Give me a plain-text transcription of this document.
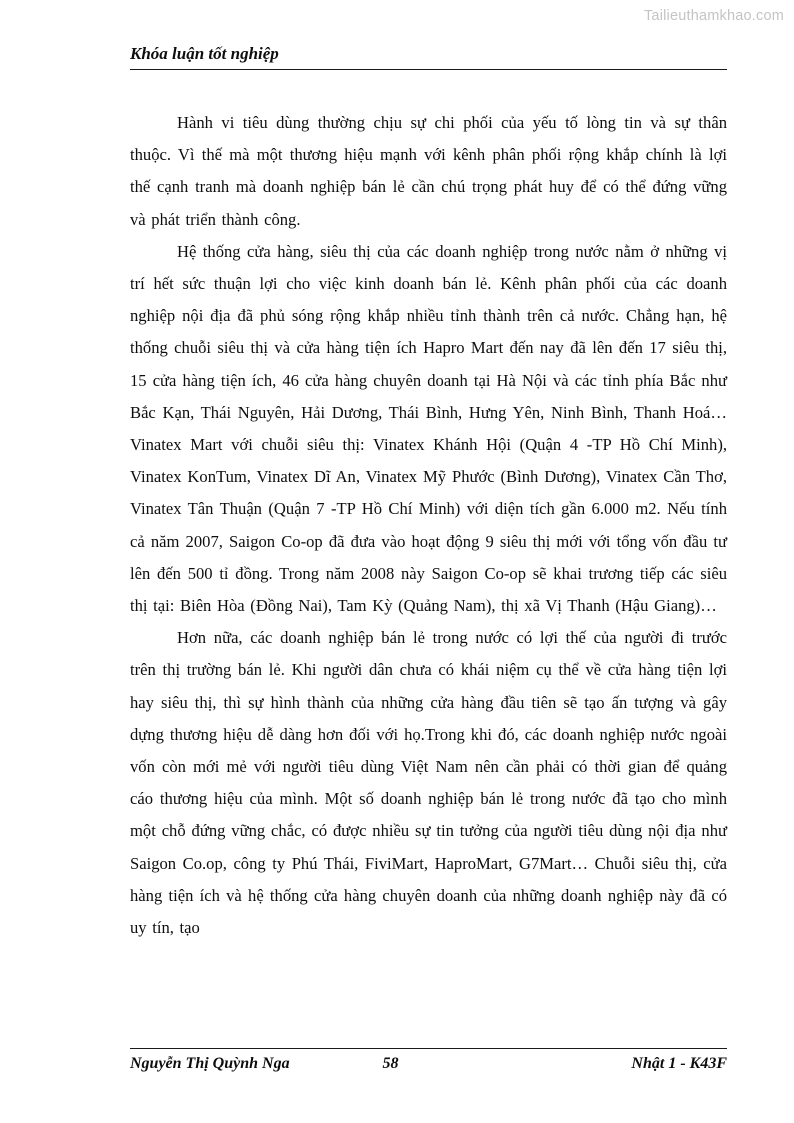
Tailieuthamkhao.com
Khóa luận tốt nghiệp

Hành vi tiêu dùng thường chịu sự chi phối của yếu tố lòng tin và sự thân thuộc. Vì thế mà một thương hiệu mạnh với kênh phân phối rộng khắp chính là lợi thế cạnh tranh mà doanh nghiệp bán lẻ cần chú trọng phát huy để có thể đứng vững và phát triển thành công.

Hệ thống cửa hàng, siêu thị của các doanh nghiệp trong nước nằm ở những vị trí hết sức thuận lợi cho việc kinh doanh bán lẻ. Kênh phân phối của các doanh nghiệp nội địa đã phủ sóng rộng khắp nhiều tỉnh thành trên cả nước. Chẳng hạn, hệ thống chuỗi siêu thị và cửa hàng tiện ích Hapro Mart đến nay đã lên đến 17 siêu thị, 15 cửa hàng tiện ích, 46 cửa hàng chuyên doanh tại Hà Nội và các tỉnh phía Bắc như Bắc Kạn, Thái Nguyên, Hải Dương, Thái Bình, Hưng Yên, Ninh Bình, Thanh Hoá… Vinatex Mart với chuỗi siêu thị: Vinatex Khánh Hội (Quận 4 -TP Hồ Chí Minh), Vinatex KonTum, Vinatex Dĩ An, Vinatex Mỹ Phước (Bình Dương), Vinatex Cần Thơ, Vinatex Tân Thuận (Quận 7 -TP Hồ Chí Minh) với diện tích gần 6.000 m2. Nếu tính cả năm 2007, Saigon Co-op đã đưa vào hoạt động 9 siêu thị mới với tổng vốn đầu tư lên đến 500 tỉ đồng. Trong năm 2008 này Saigon Co-op sẽ khai trương tiếp các siêu thị tại: Biên Hòa (Đồng Nai), Tam Kỳ (Quảng Nam), thị xã Vị Thanh (Hậu Giang)…

Hơn nữa, các doanh nghiệp bán lẻ trong nước có lợi thế của người đi trước trên thị trường bán lẻ. Khi người dân chưa có khái niệm cụ thể về cửa hàng tiện lợi hay siêu thị, thì sự hình thành của những cửa hàng đầu tiên sẽ tạo ấn tượng và gây dựng thương hiệu dễ dàng hơn đối với họ.Trong khi đó, các doanh nghiệp nước ngoài vốn còn mới mẻ với người tiêu dùng Việt Nam nên cần phải có thời gian để quảng cáo thương hiệu của mình. Một số doanh nghiệp bán lẻ trong nước đã tạo cho mình một chỗ đứng vững chắc, có được nhiều sự tin tưởng của người tiêu dùng nội địa như Saigon Co.op, công ty Phú Thái, FiviMart, HaproMart, G7Mart… Chuỗi siêu thị, cửa hàng tiện ích và hệ thống cửa hàng chuyên doanh của những doanh nghiệp này đã có uy tín, tạo

Nguyễn Thị Quỳnh Nga	58	Nhật 1 - K43F
